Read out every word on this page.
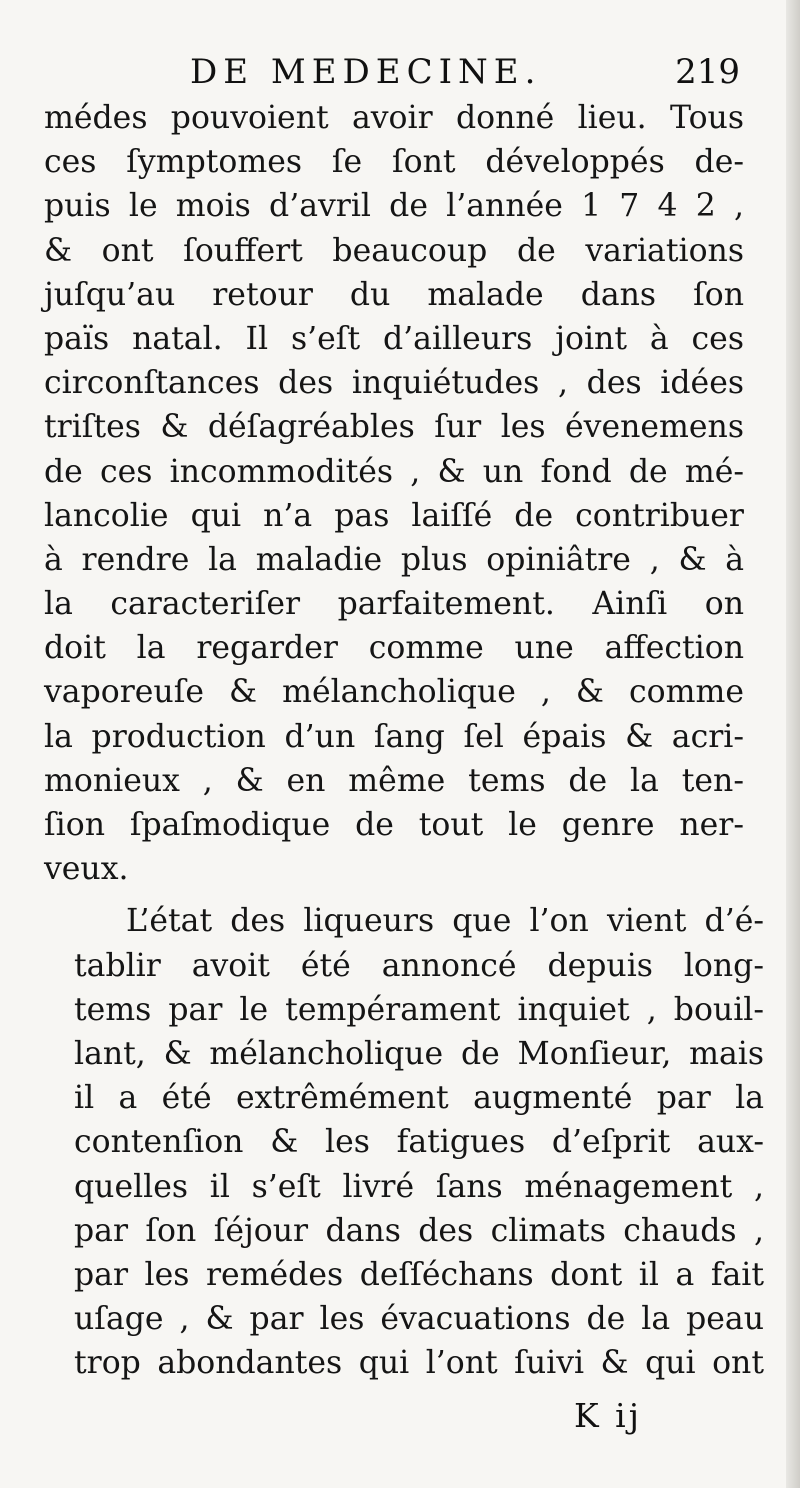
DE MEDECINE.	219
médes pouvoient avoir donné lieu. Tous
ces ſymptomes ſe ſont développés de-
puis le mois d’avril de l’année 1 7 4 2 ,
& ont ſouffert beaucoup de variations
juſqu’au retour du malade dans ſon
païs natal. Il s’eſt d’ailleurs joint à ces
circonſtances des inquiétudes , des idées
triſtes & déſagréables ſur les évenemens
de ces incommodités , & un fond de mé-
lancolie qui n’a pas laiſſé de contribuer
à rendre la maladie plus opiniâtre , & à
la caracteriſer parfaitement. Ainſi on
doit la regarder comme une affection
vaporeuſe & mélancholique , & comme
la production d’un ſang ſel épais & acri-
monieux , & en même tems de la ten-
ſion ſpaſmodique de tout le genre ner-
veux.
L’état des liqueurs que l’on vient d’é-
tablir avoit été annoncé depuis long-
tems par le tempérament inquiet , bouil-
lant, & mélancholique de Monſieur, mais
il a été extrêmément augmenté par la
contenſion & les fatigues d’eſprit aux-
quelles il s’eſt livré ſans ménagement ,
par ſon ſéjour dans des climats chauds ,
par les remédes deſſéchans dont il a fait
uſage , & par les évacuations de la peau
trop abondantes qui l’ont ſuivi & qui ont
K ij
